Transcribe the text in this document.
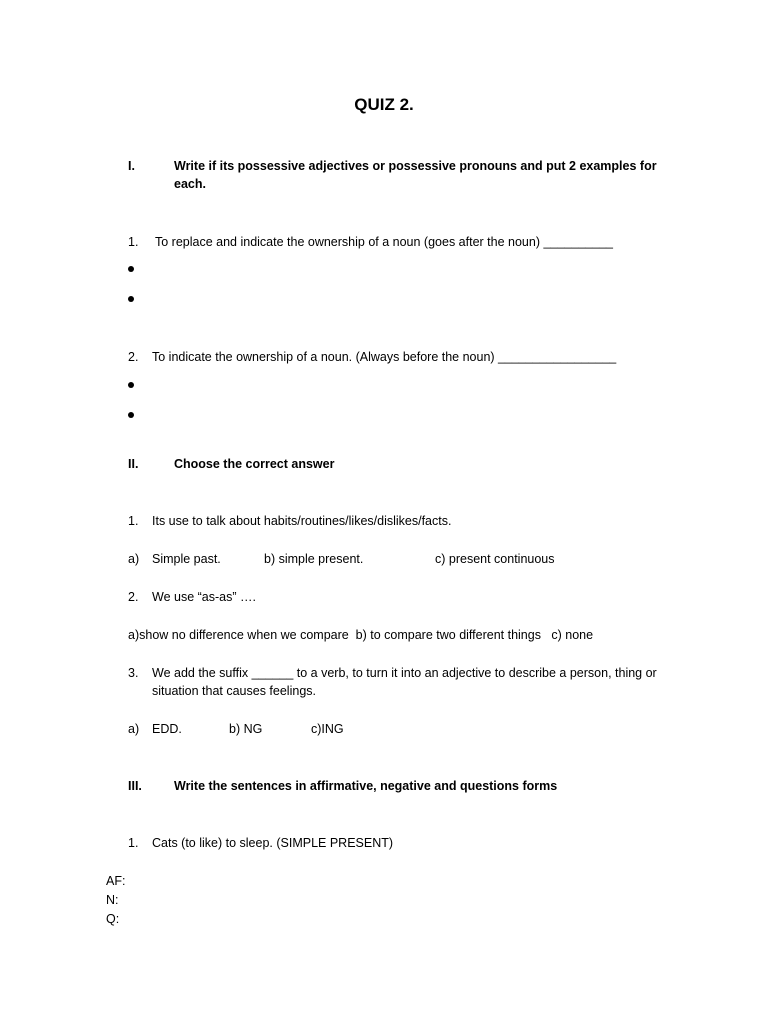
QUIZ 2.
I.	Write if its possessive adjectives or possessive pronouns and put 2 examples for each.
1. To replace and indicate the ownership of a noun (goes after the noun) __________
2. To indicate the ownership of a noun. (Always before the noun) _________________
II.	Choose the correct answer
1. Its use to talk about habits/routines/likes/dislikes/facts.
a) Simple past.	b) simple present.	c) present continuous
2. We use “as-as” ….
a)show no difference when we compare  b) to compare two different things   c) none
3. We add the suffix ______ to a verb, to turn it into an adjective to describe a person, thing or situation that causes feelings.
a) EDD.	b) NG	c)ING
III.	Write the sentences in affirmative, negative and questions forms
1. Cats (to like) to sleep. (SIMPLE PRESENT)
AF:
N:
Q:
